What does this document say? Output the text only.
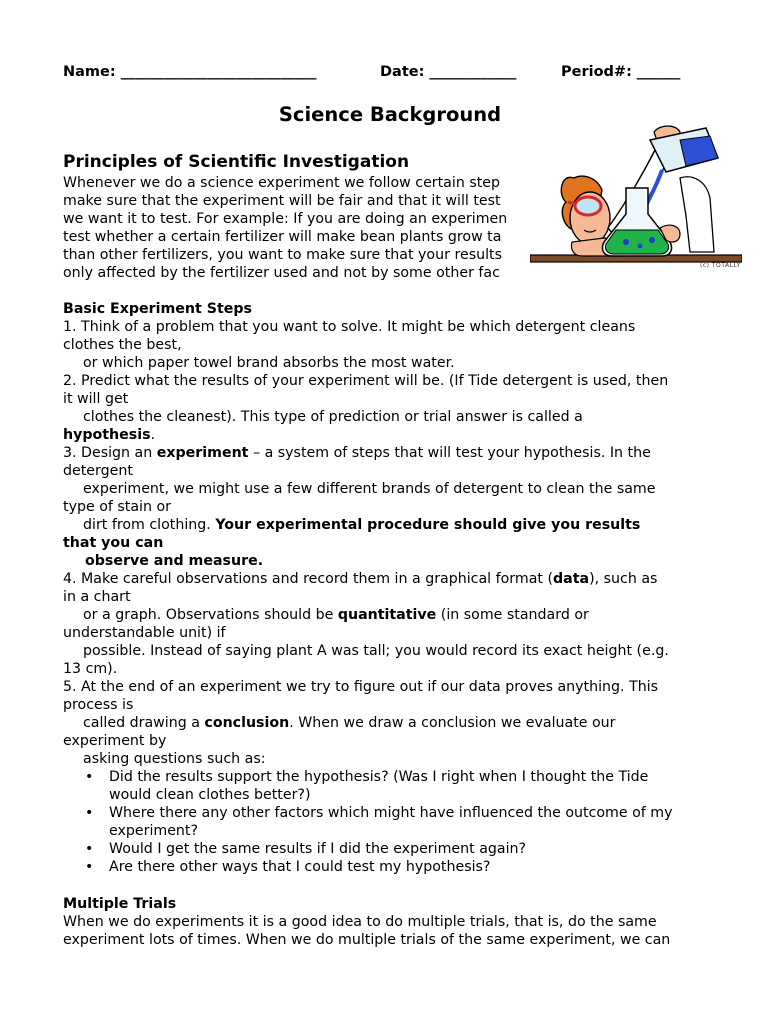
Name: ___________________________	Date: ____________	Period#: ______
Science Background
Principles of Scientific Investigation
Whenever we do a science experiment we follow certain step
make sure that the experiment will be fair and that it will test
we want it to test. For example: If you are doing an experimen
test whether a certain fertilizer will make bean plants grow ta
than other fertilizers, you want to make sure that your results
only affected by the fertilizer used and not by some other fac	(c) TOTALLY
Basic Experiment Steps
1. Think of a problem that you want to solve. It might be which detergent cleans
clothes the best,
or which paper towel brand absorbs the most water.
2. Predict what the results of your experiment will be. (If Tide detergent is used, then
it will get
clothes the cleanest). This type of prediction or trial answer is called a
hypothesis.
3. Design an experiment – a system of steps that will test your hypothesis. In the
detergent
experiment, we might use a few different brands of detergent to clean the same
type of stain or
dirt from clothing. Your experimental procedure should give you results
that you can
observe and measure.
4. Make careful observations and record them in a graphical format (data), such as
in a chart
or a graph. Observations should be quantitative (in some standard or
understandable unit) if
possible. Instead of saying plant A was tall; you would record its exact height (e.g.
13 cm).
5. At the end of an experiment we try to figure out if our data proves anything. This
process is
called drawing a conclusion. When we draw a conclusion we evaluate our
experiment by
asking questions such as:
• Did the results support the hypothesis? (Was I right when I thought the Tide
would clean clothes better?)
• Where there any other factors which might have influenced the outcome of my
experiment?
• Would I get the same results if I did the experiment again?
• Are there other ways that I could test my hypothesis?
Multiple Trials
When we do experiments it is a good idea to do multiple trials, that is, do the same
experiment lots of times. When we do multiple trials of the same experiment, we can
